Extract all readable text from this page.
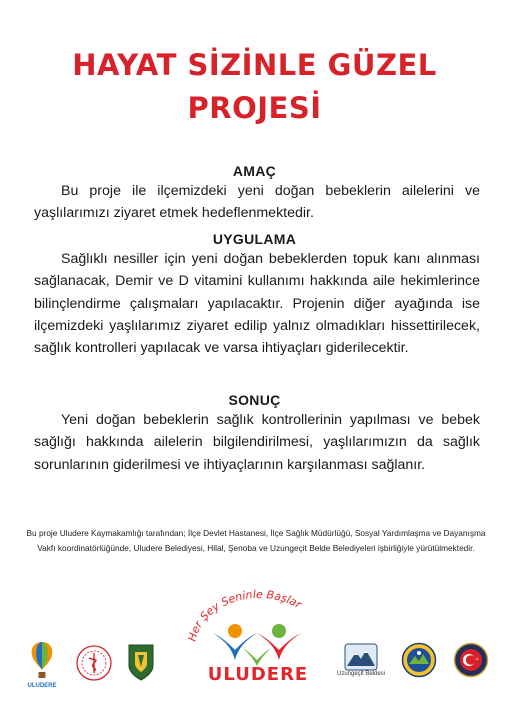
HAYAT SİZİNLE GÜZEL
PROJESİ
AMAÇ
Bu proje ile ilçemizdeki yeni doğan bebeklerin ailelerini ve yaşlılarımızı ziyaret etmek hedeflenmektedir.
UYGULAMA
Sağlıklı nesiller için yeni doğan bebeklerden topuk kanı alınması sağlanacak, Demir ve D vitamini kullanımı hakkında aile hekimlerince bilinçlendirme çalışmaları yapılacaktır. Projenin diğer ayağında ise ilçemizdeki yaşlılarımız ziyaret edilip yalnız olmadıkları hissettirilecek, sağlık kontrolleri yapılacak ve varsa ihtiyaçları giderilecektir.
SONUÇ
Yeni doğan bebeklerin sağlık kontrollerinin yapılması ve bebek sağlığı hakkında ailelerin bilgilendirilmesi, yaşlılarımızın da sağlık sorunlarının giderilmesi ve ihtiyaçlarının karşılanması sağlanır.
Bu proje Uludere Kaymakamlığı tarafından; İlçe Devlet Hastanesi, İlçe Sağlık Müdürlüğü, Sosyal Yardımlaşma ve Dayanışma Vakfı koordinatörlüğünde, Uludere Belediyesi, Hilal, Şenoba ve Uzungeçit Belde Belediyeleri işbirliğiyle yürütülmektedir.
ULUDERE
Her Şey Seninle Başlar
ULUDERE	Uzungeçit Beldesi
